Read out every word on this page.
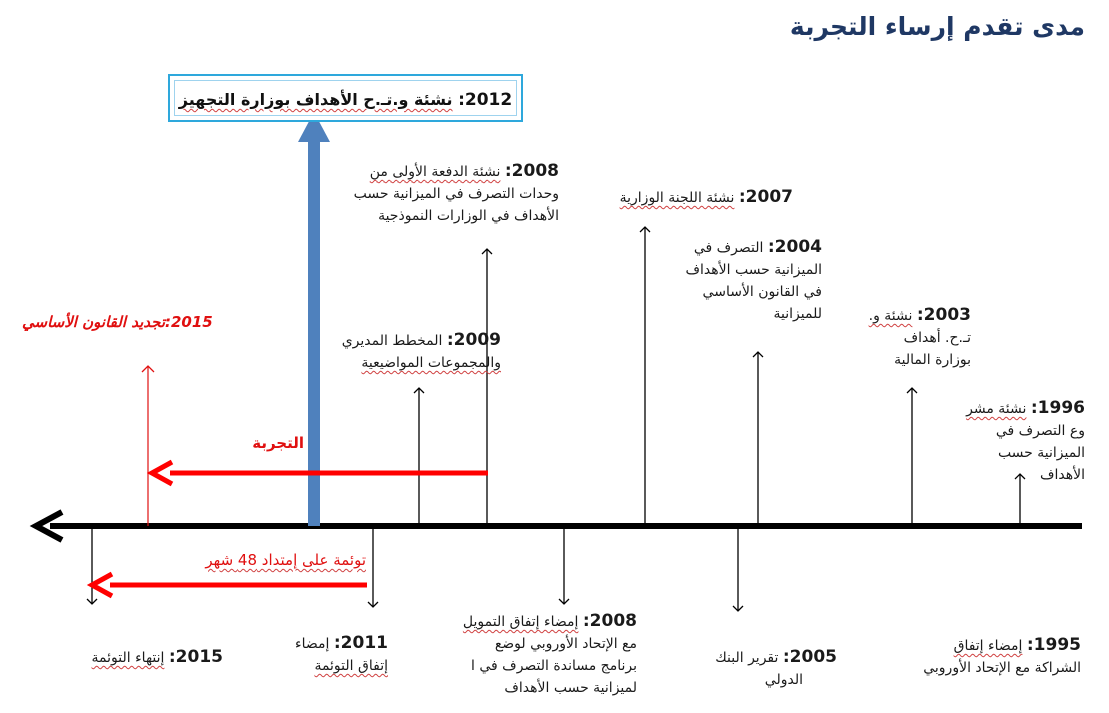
مدى تقدم إرساء التجربة
2012: نشئة و.تـ.ح الأهداف بوزارة التجهيز
2008: نشئة الدفعة الأولى من
وحدات التصرف في الميزانية حسب
الأهداف في الوزارات النموذجية
2007: نشئة اللجنة الوزارية
2004: التصرف في
الميزانية حسب الأهداف
في القانون الأساسي
للميزانية	2003: نشئة و.
تـ.ح. أهداف
بوزارة المالية
1996: نشئة مشر
وع التصرف في
الميزانية حسب
الأهداف
2009: المخطط المديري
والمجموعات المواضيعية
2015:تجديد القانون الأساسي
التجربة
توئمة على إمتداد 48 شهر
2015: إنتهاء التوئمة
2011: إمضاء
إتفاق التوئمة
2008: إمضاء إتفاق التمويل
مع الإتحاد الأوروبي لوضع
برنامج مساندة التصرف في ا
لميزانية حسب الأهداف
2005: تقرير البنك
الدولي
1995: إمضاء إتفاق
الشراكة مع الإتحاد الأوروبي
